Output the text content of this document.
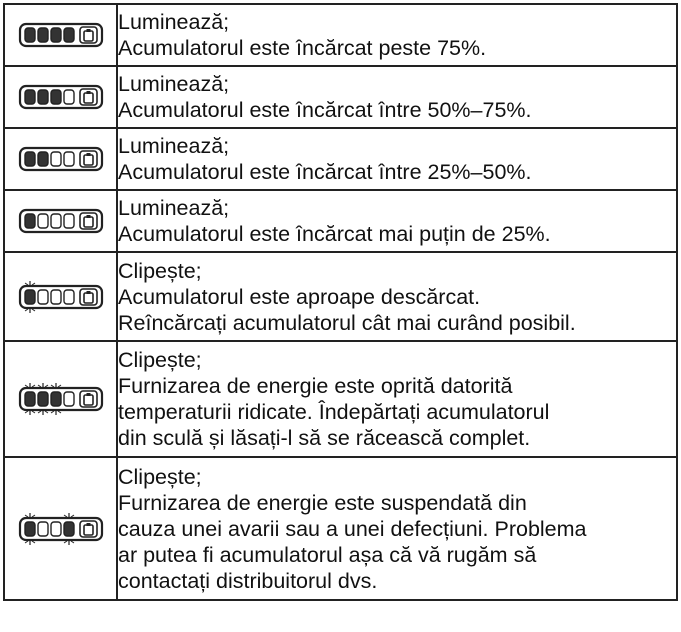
Luminează;
Acumulatorul este încărcat peste 75%.

Luminează;
Acumulatorul este încărcat între 50%–75%.

Luminează;
Acumulatorul este încărcat între 25%–50%.

Luminează;
Acumulatorul este încărcat mai puțin de 25%.

Clipește;
Acumulatorul este aproape descărcat.
Reîncărcați acumulatorul cât mai curând posibil.

Clipește;
Furnizarea de energie este oprită datorită
temperaturii ridicate. Îndepărtați acumulatorul
din sculă și lăsați-l să se răcească complet.

Clipește;
Furnizarea de energie este suspendată din
cauza unei avarii sau a unei defecțiuni. Problema
ar putea fi acumulatorul așa că vă rugăm să
contactați distribuitorul dvs.
